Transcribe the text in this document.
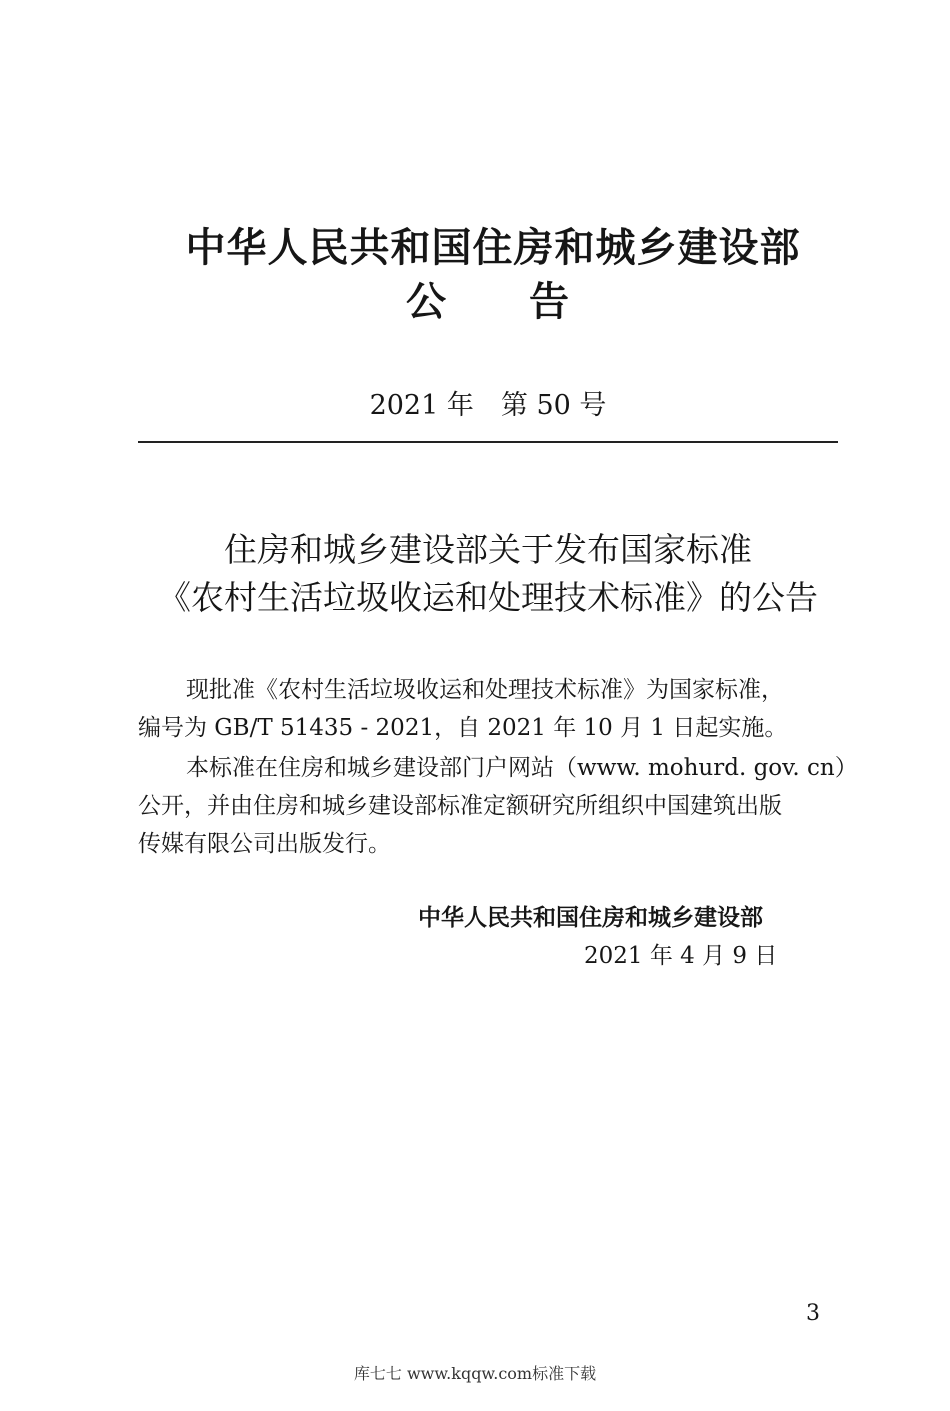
中华人民共和国住房和城乡建设部
公　　告
2021 年　第 50 号
住房和城乡建设部关于发布国家标准
《农村生活垃圾收运和处理技术标准》的公告
现批准《农村生活垃圾收运和处理技术标准》为国家标准，
编号为 GB/T 51435 - 2021，自 2021 年 10 月 1 日起实施。
本标准在住房和城乡建设部门户网站（www. mohurd. gov. cn）
公开，并由住房和城乡建设部标准定额研究所组织中国建筑出版
传媒有限公司出版发行。
中华人民共和国住房和城乡建设部
2021 年 4 月 9 日
3
库七七 www.kqqw.com标准下载
